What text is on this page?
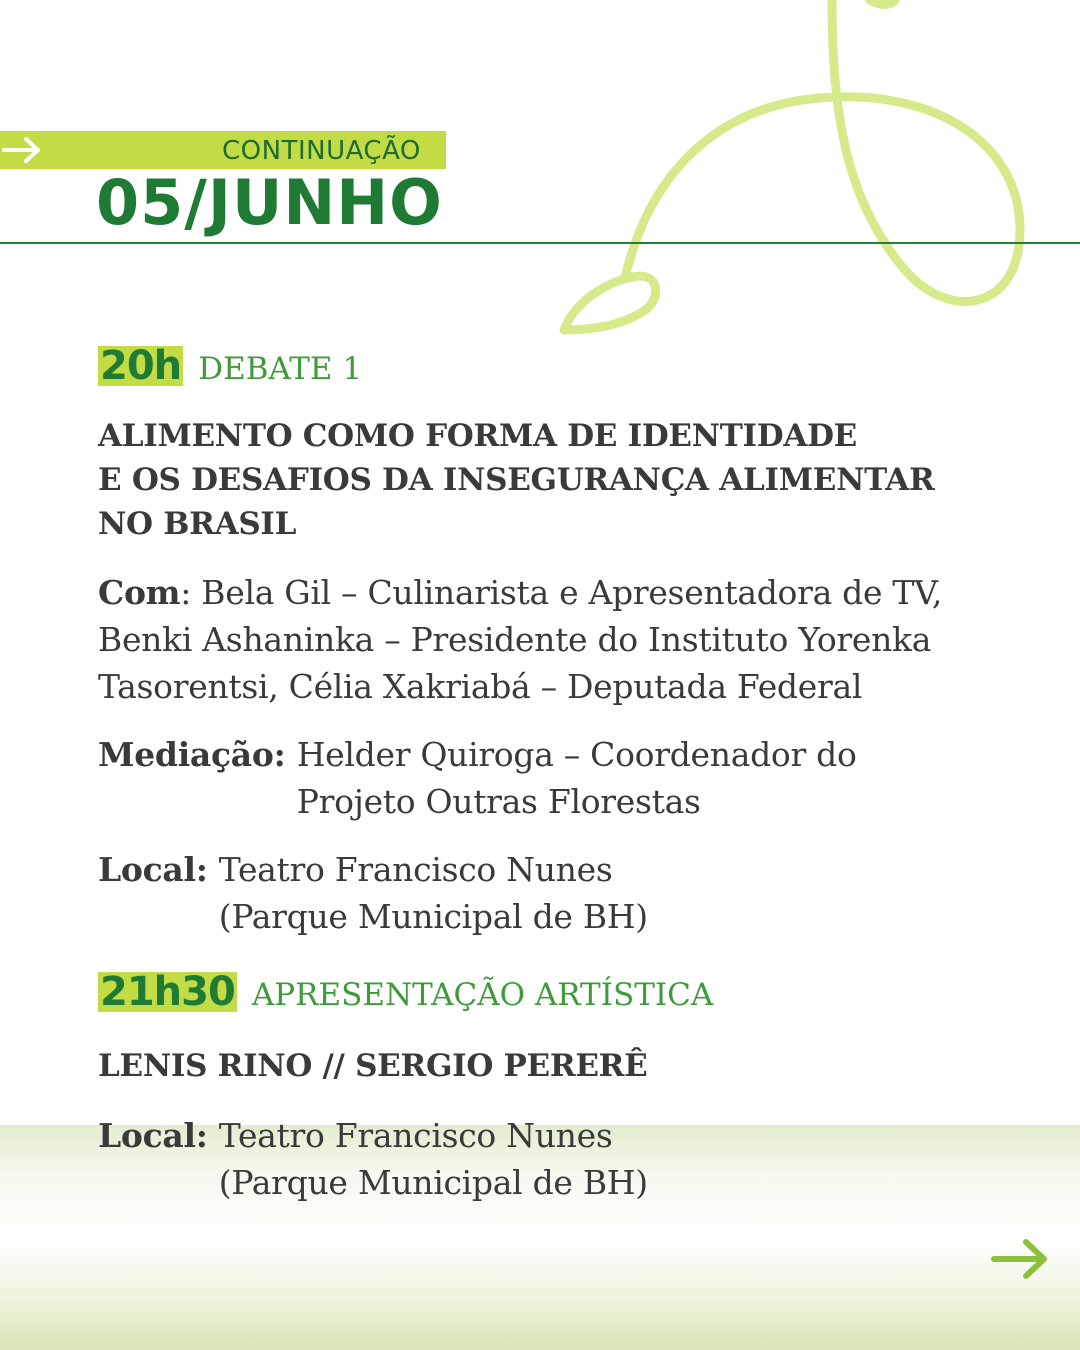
CONTINUAÇÃO
05/JUNHO
20h DEBATE 1
ALIMENTO COMO FORMA DE IDENTIDADE
E OS DESAFIOS DA INSEGURANÇA ALIMENTAR
NO BRASIL
Com: Bela Gil – Culinarista e Apresentadora de TV,
Benki Ashaninka – Presidente do Instituto Yorenka
Tasorentsi, Célia Xakriabá – Deputada Federal
Mediação: Helder Quiroga – Coordenador do
Projeto Outras Florestas
Local: Teatro Francisco Nunes
(Parque Municipal de BH)
21h30 APRESENTAÇÃO ARTÍSTICA
LENIS RINO // SERGIO PERERÊ
Local: Teatro Francisco Nunes
(Parque Municipal de BH)
